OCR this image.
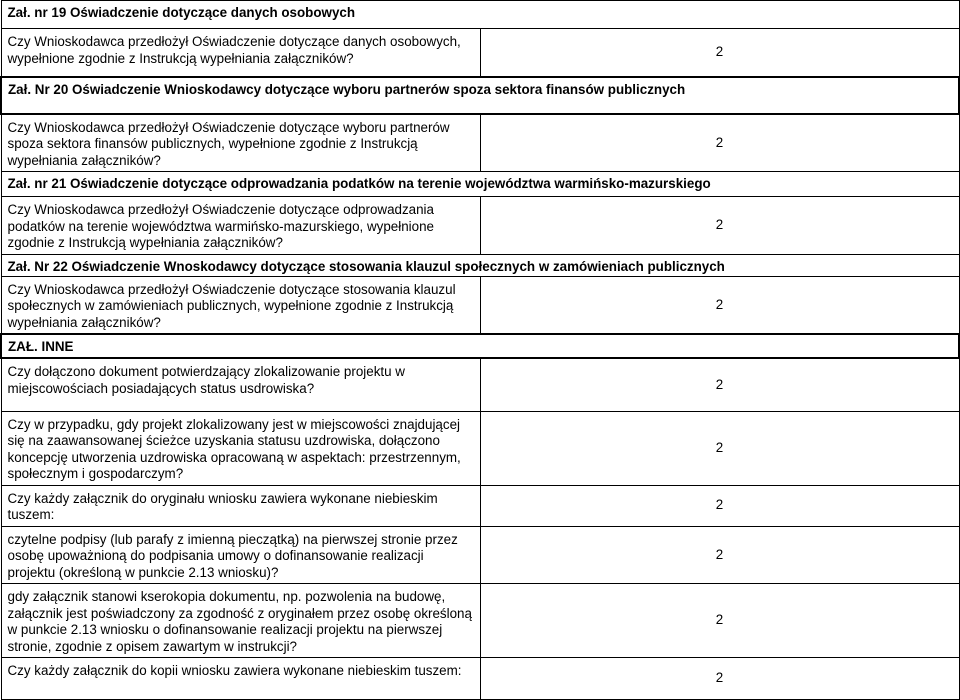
Zał. nr 19 Oświadczenie dotyczące danych osobowych	
Czy Wnioskodawca przedłożył Oświadczenie dotyczące danych osobowych, wypełnione zgodnie z Instrukcją wypełniania załączników?	2
Zał. Nr 20 Oświadczenie Wnioskodawcy dotyczące wyboru partnerów spoza sektora finansów publicznych	
Czy Wnioskodawca przedłożył Oświadczenie dotyczące wyboru partnerów spoza sektora finansów publicznych, wypełnione zgodnie z Instrukcją wypełniania załączników?	2
Zał. nr 21 Oświadczenie dotyczące odprowadzania podatków na terenie województwa warmińsko-mazurskiego	
Czy Wnioskodawca przedłożył Oświadczenie dotyczące odprowadzania podatków na terenie województwa warmińsko-mazurskiego, wypełnione zgodnie z Instrukcją wypełniania załączników?	2
Zał. Nr 22 Oświadczenie Wnoskodawcy dotyczące stosowania klauzul społecznych w zamówieniach publicznych	
Czy Wnioskodawca przedłożył Oświadczenie dotyczące stosowania klauzul społecznych w zamówieniach publicznych, wypełnione zgodnie z Instrukcją wypełniania załączników?	2
ZAŁ. INNE	
Czy dołączono dokument potwierdzający zlokalizowanie projektu w miejscowościach posiadających status usdrowiska?	2
Czy w przypadku, gdy projekt zlokalizowany jest w miejscowości znajdującej się na zaawansowanej ścieżce uzyskania statusu uzdrowiska, dołączono koncepcję utworzenia uzdrowiska opracowaną w aspektach: przestrzennym, społecznym i gospodarczym?	2
Czy każdy załącznik do oryginału wniosku zawiera wykonane niebieskim tuszem:	2
czytelne podpisy (lub parafy z imienną pieczątką) na pierwszej stronie przez osobę upoważnioną do podpisania umowy o dofinansowanie realizacji projektu (określoną w punkcie 2.13 wniosku)?	2
gdy załącznik stanowi kserokopia dokumentu, np. pozwolenia na budowę, załącznik jest poświadczony za zgodność z oryginałem przez osobę określoną w punkcie 2.13 wniosku o dofinansowanie realizacji projektu na pierwszej stronie, zgodnie z opisem zawartym w instrukcji?	2
Czy każdy załącznik do kopii wniosku zawiera wykonane niebieskim tuszem:	2
